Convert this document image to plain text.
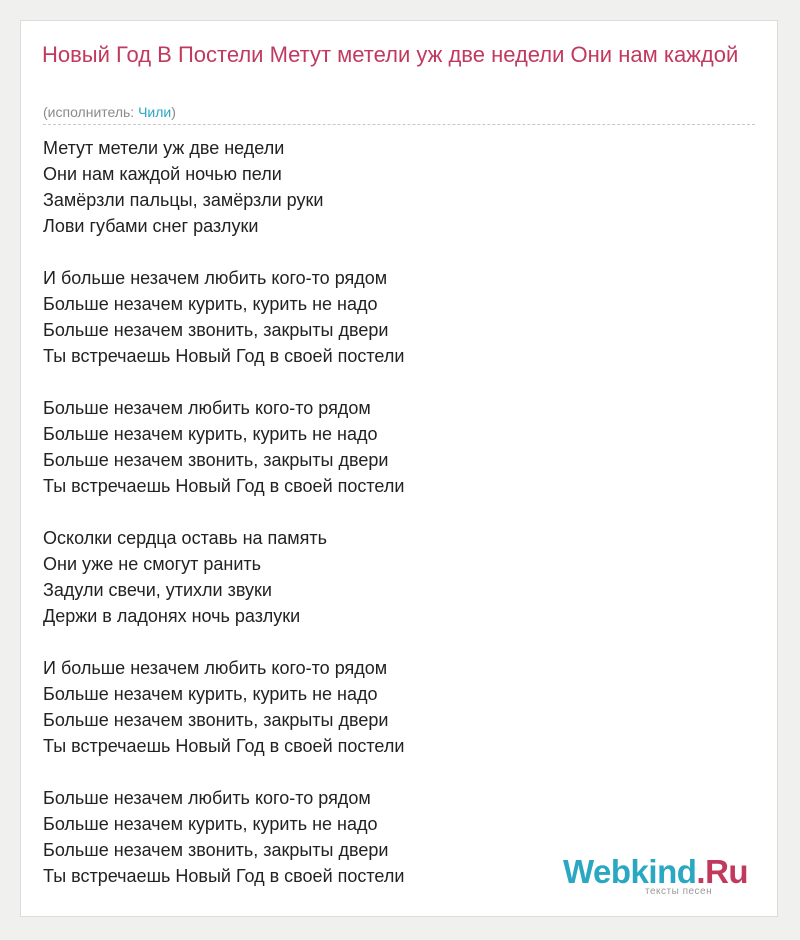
Новый Год В Постели Метут метели уж две недели Они нам каждой
(исполнитель: Чили)
Метут метели уж две недели
Они нам каждой ночью пели
Замёрзли пальцы, замёрзли руки
Лови губами снег разлуки
И больше незачем любить кого-то рядом
Больше незачем курить, курить не надо
Больше незачем звонить, закрыты двери
Ты встречаешь Новый Год в своей постели
Больше незачем любить кого-то рядом
Больше незачем курить, курить не надо
Больше незачем звонить, закрыты двери
Ты встречаешь Новый Год в своей постели
Осколки сердца оставь на память
Они уже не смогут ранить
Задули свечи, утихли звуки
Держи в ладонях ночь разлуки
И больше незачем любить кого-то рядом
Больше незачем курить, курить не надо
Больше незачем звонить, закрыты двери
Ты встречаешь Новый Год в своей постели
Больше незачем любить кого-то рядом
Больше незачем курить, курить не надо
Больше незачем звонить, закрыты двери
Ты встречаешь Новый Год в своей постели	Webkind.Ru
тексты песен
